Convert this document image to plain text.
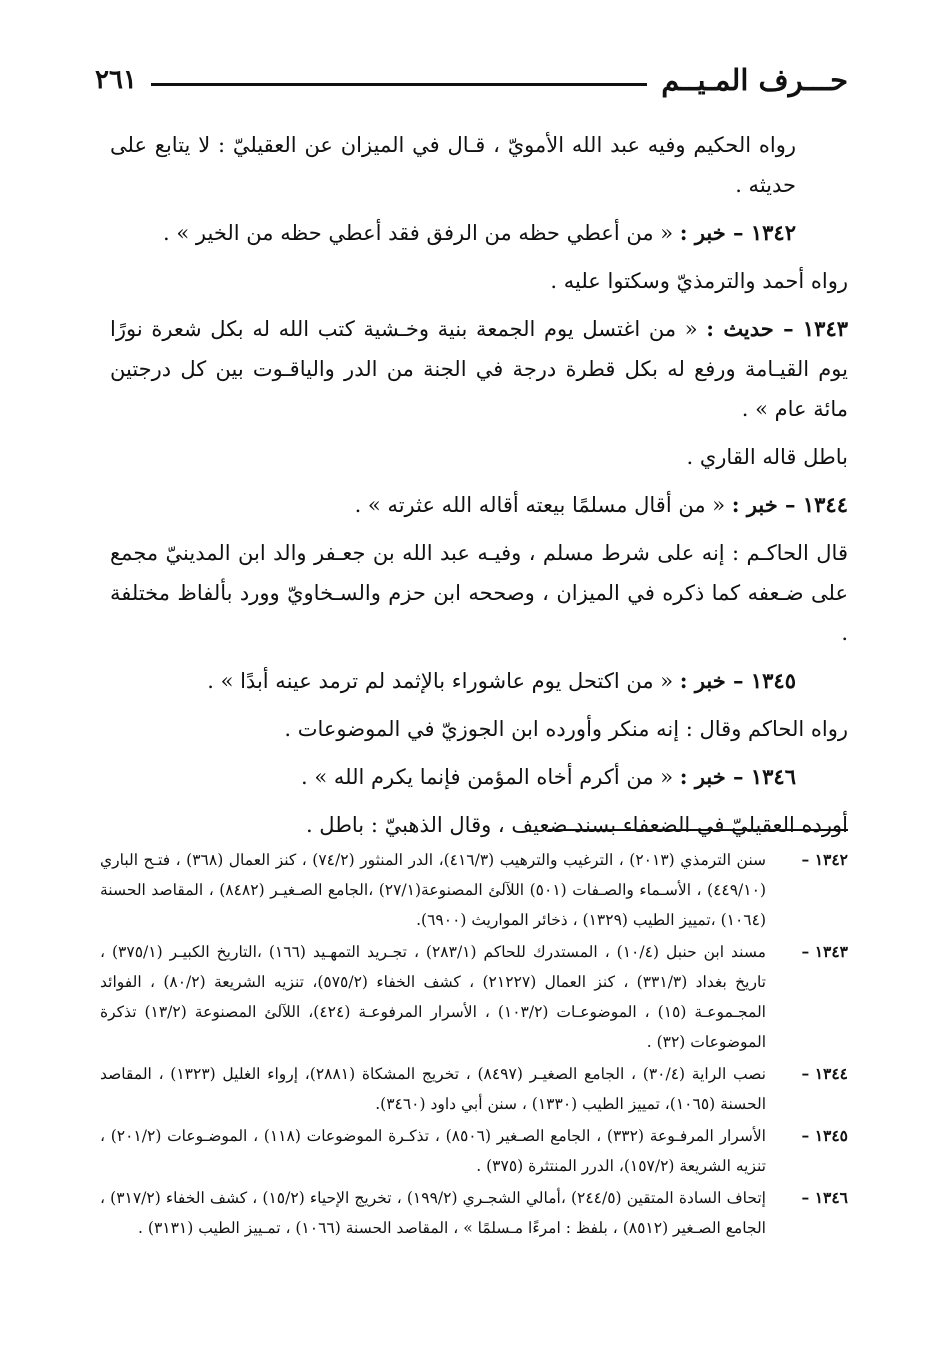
حـــرف المـيــم
٢٦١

رواه الحكيم وفيه عبد الله الأمويّ ، قـال في الميزان عن العقيليّ : لا يتابع على حديثه .

١٣٤٢ – خبر : « من أعطي حظه من الرفق فقد أعطي حظه من الخير » .

رواه أحمد والترمذيّ وسكتوا عليه .

١٣٤٣ – حديث : « من اغتسل يوم الجمعة بنية وخـشية كتب الله له بكل شعرة نورًا يوم القيـامة ورفع له بكل قطرة درجة في الجنة من الدر والياقـوت بين كل درجتين مائة عام » .

باطل قاله القاري .

١٣٤٤ – خبر : « من أقال مسلمًا بيعته أقاله الله عثرته » .

قال الحاكـم : إنه على شرط مسلم ، وفيـه عبد الله بن جعـفر والد ابن المدينيّ مجمع على ضـعفه كما ذكره في الميزان ، وصححه ابن حزم والسـخاويّ وورد بألفاظ مختلفة .

١٣٤٥ – خبر : « من اكتحل يوم عاشوراء بالإثمد لم ترمد عينه أبدًا » .

رواه الحاكم وقال : إنه منكر وأورده ابن الجوزيّ في الموضوعات .

١٣٤٦ – خبر : « من أكرم أخاه المؤمن فإنما يكرم الله » .

أورده العقيليّ في الضعفاء بسند ضعيف ، وقال الذهبيّ : باطل .

١٣٤٢ –
سنن الترمذي (٢٠١٣) ، الترغيب والترهيب (٤١٦/٣)، الدر المنثور (٧٤/٢) ، كنز العمال (٣٦٨) ، فتـح الباري (٤٤٩/١٠) ، الأسـماء والصـفات (٥٠١) اللآلئ المصنوعة(٢٧/١) ،الجامع الصـغيـر (٨٤٨٢) ، المقاصد الحسنة (١٠٦٤) ،تمييز الطيب (١٣٢٩) ، ذخائر المواريث (٦٩٠٠).
١٣٤٣ –
مسند ابن حنبل (١٠/٤) ، المستدرك للحاكم (٢٨٣/١) ، تجـريد التمهـيد (١٦٦) ،التاريخ الكبيـر (٣٧٥/١) ، تاريخ بغداد (٣٣١/٣) ، كنز العمال (٢١٢٢٧) ، كشف الخفاء (٥٧٥/٢)، تنزيه الشريعة (٨٠/٢) ، الفوائد المجـموعـة (١٥) ، الموضوعـات (١٠٣/٢) ، الأسرار المرفوعـة (٤٢٤)، اللآلئ المصنوعة (١٣/٢) تذكرة الموضوعات (٣٢) .
١٣٤٤ –
نصب الراية (٣٠/٤) ، الجامع الصغيـر (٨٤٩٧) ، تخريج المشكاة (٢٨٨١)، إرواء الغليل (١٣٢٣) ، المقاصد الحسنة (١٠٦٥)، تمييز الطيب (١٣٣٠) ، سنن أبي داود (٣٤٦٠).
١٣٤٥ –
الأسرار المرفـوعة (٣٣٢) ، الجامع الصـغير (٨٥٠٦) ، تذكـرة الموضوعات (١١٨) ، الموضـوعات (٢٠١/٢) ، تنزيه الشريعة (١٥٧/٢)، الدرر المنتثرة (٣٧٥) .
١٣٤٦ –
إتحاف السادة المتقين (٢٤٤/٥) ،أمالي الشجـري (١٩٩/٢) ، تخريج الإحياء (١٥/٢) ، كشف الخفاء (٣١٧/٢) ، الجامع الصـغير (٨٥١٢) ، بلفظ : امرءًا مـسلمًا » ، المقاصد الحسنة (١٠٦٦) ، تمـييز الطيب (٣١٣١) .
